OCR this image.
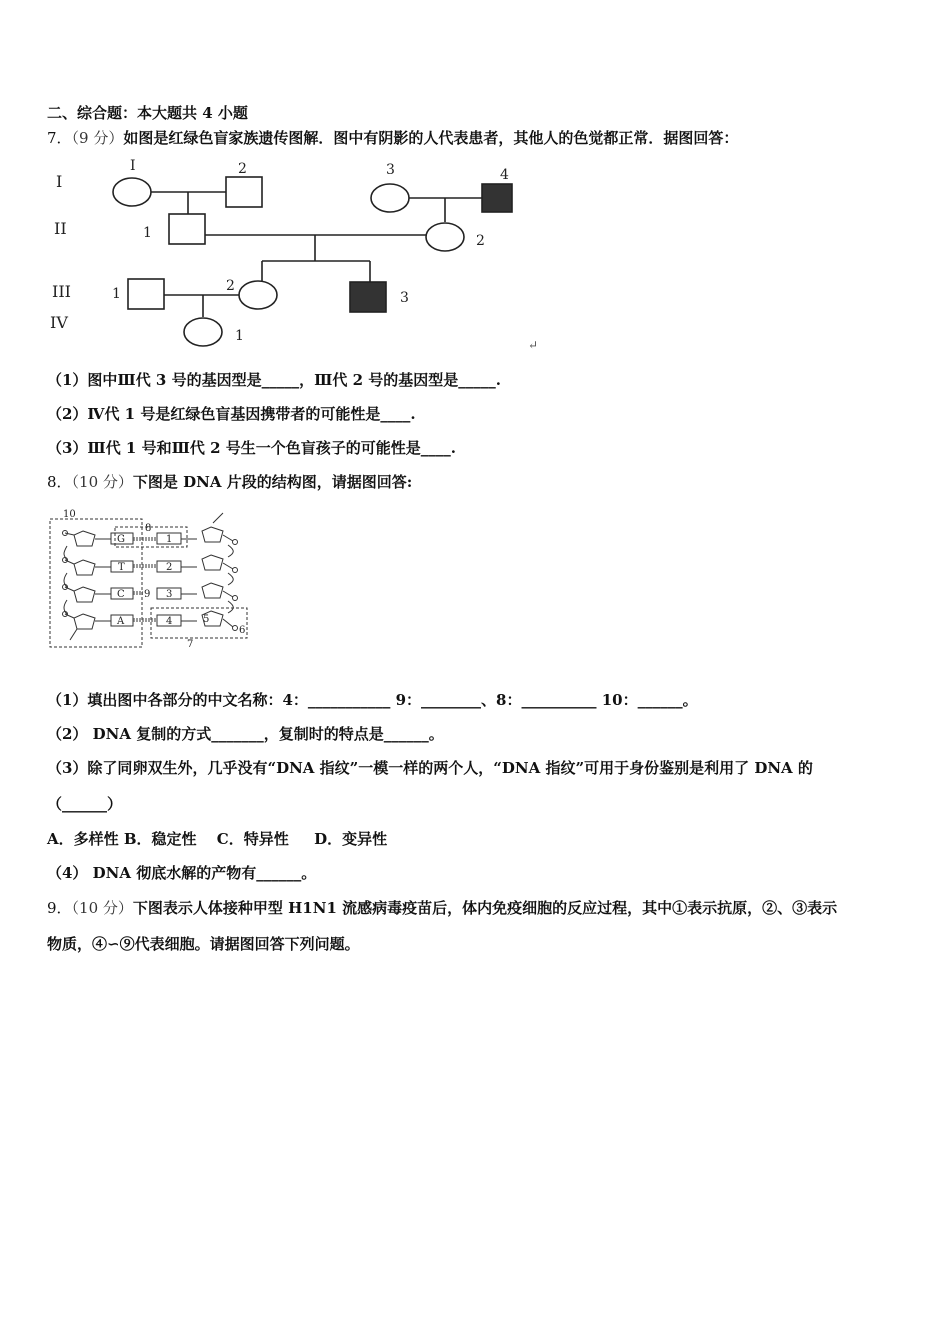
二、综合题：本大题共 4 小题
7．（9 分）如图是红绿色盲家族遗传图解．图中有阴影的人代表患者，其他人的色觉都正常．据图回答：
I
II
III
IV
I	2	3	4
1	2
1	2
3
1
↵
（1）图中Ⅲ代 3 号的基因型是_____，Ⅲ代 2 号的基因型是_____.
（2）Ⅳ代 1 号是红绿色盲基因携带者的可能性是____.
（3）Ⅲ代 1 号和Ⅲ代 2 号生一个色盲孩子的可能性是____.
8．（10 分）下图是 DNA 片段的结构图，请据图回答:
G
T
C
A
1
2
3
4
10
8
9
7
6
5
（1）填出图中各部分的中文名称：4：___________ 9：________、8：__________ 10：______。
（2） DNA 复制的方式_______，复制时的特点是______。
（3）除了同卵双生外，几乎没有“DNA 指纹”一模一样的两个人，“DNA 指纹”可用于身份鉴别是利用了 DNA 的
（______）
A．多样性 B．稳定性 　C．特异性 　 D．变异性
（4） DNA 彻底水解的产物有______。
9．（10 分）下图表示人体接种甲型 H1N1 流感病毒疫苗后，体内免疫细胞的反应过程，其中①表示抗原，②、③表示
物质，④∽⑨代表细胞。请据图回答下列问题。
